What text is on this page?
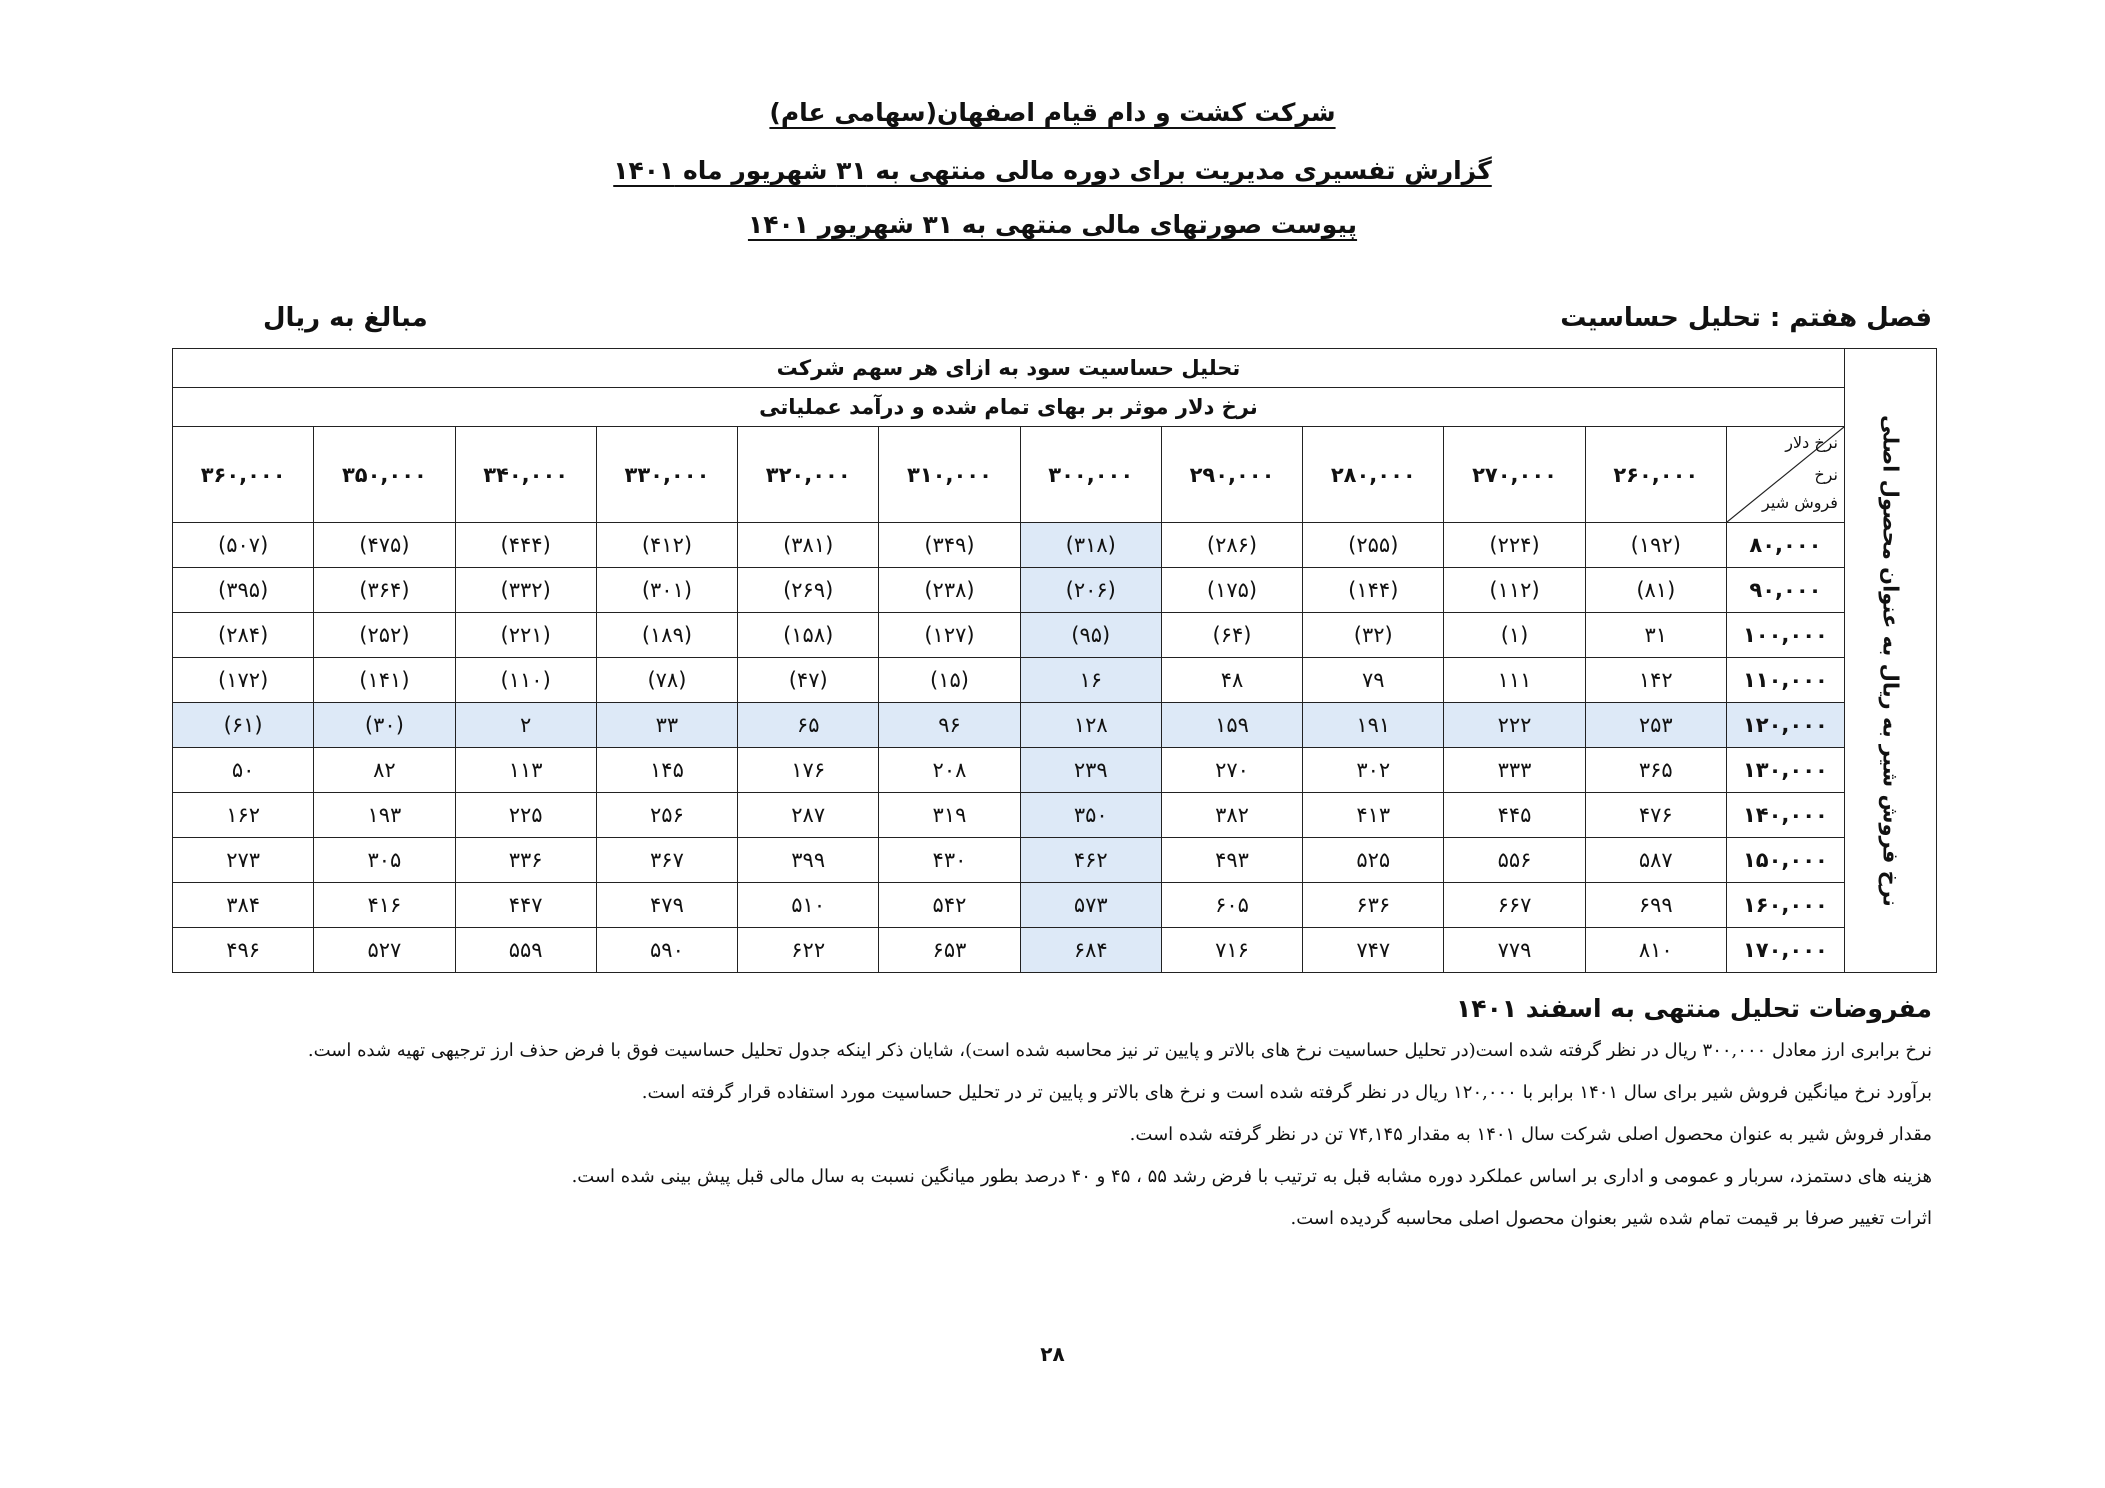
شرکت کشت و دام قیام اصفهان(سهامی عام)
گزارش تفسیری مدیریت برای دوره مالی منتهی به ۳۱ شهریور ماه ۱۴۰۱
پیوست صورتهای مالی منتهی به ۳۱ شهریور ۱۴۰۱
فصل هفتم : تحلیل حساسیت
مبالغ به ریال
نرخ فروش شیر به ریال به عنوان محصول اصلی	تحلیل حساسیت سود به ازای هر سهم شرکت											
	نرخ دلار موثر بر بهای تمام شده و درآمد عملیاتی											

	نرخ دلار
نرخ
فروش شیر	۲۶۰,۰۰۰	۲۷۰,۰۰۰	۲۸۰,۰۰۰	۲۹۰,۰۰۰	۳۰۰,۰۰۰	۳۱۰,۰۰۰	۳۲۰,۰۰۰	۳۳۰,۰۰۰	۳۴۰,۰۰۰	۳۵۰,۰۰۰	۳۶۰,۰۰۰
	۸۰,۰۰۰	(۱۹۲)	(۲۲۴)	(۲۵۵)	(۲۸۶)	(۳۱۸)	(۳۴۹)	(۳۸۱)	(۴۱۲)	(۴۴۴)	(۴۷۵)	(۵۰۷)
	۹۰,۰۰۰	(۸۱)	(۱۱۲)	(۱۴۴)	(۱۷۵)	(۲۰۶)	(۲۳۸)	(۲۶۹)	(۳۰۱)	(۳۳۲)	(۳۶۴)	(۳۹۵)
	۱۰۰,۰۰۰	۳۱	(۱)	(۳۲)	(۶۴)	(۹۵)	(۱۲۷)	(۱۵۸)	(۱۸۹)	(۲۲۱)	(۲۵۲)	(۲۸۴)
	۱۱۰,۰۰۰	۱۴۲	۱۱۱	۷۹	۴۸	۱۶	(۱۵)	(۴۷)	(۷۸)	(۱۱۰)	(۱۴۱)	(۱۷۲)
	۱۲۰,۰۰۰	۲۵۳	۲۲۲	۱۹۱	۱۵۹	۱۲۸	۹۶	۶۵	۳۳	۲	(۳۰)	(۶۱)
	۱۳۰,۰۰۰	۳۶۵	۳۳۳	۳۰۲	۲۷۰	۲۳۹	۲۰۸	۱۷۶	۱۴۵	۱۱۳	۸۲	۵۰
	۱۴۰,۰۰۰	۴۷۶	۴۴۵	۴۱۳	۳۸۲	۳۵۰	۳۱۹	۲۸۷	۲۵۶	۲۲۵	۱۹۳	۱۶۲
	۱۵۰,۰۰۰	۵۸۷	۵۵۶	۵۲۵	۴۹۳	۴۶۲	۴۳۰	۳۹۹	۳۶۷	۳۳۶	۳۰۵	۲۷۳
	۱۶۰,۰۰۰	۶۹۹	۶۶۷	۶۳۶	۶۰۵	۵۷۳	۵۴۲	۵۱۰	۴۷۹	۴۴۷	۴۱۶	۳۸۴
	۱۷۰,۰۰۰	۸۱۰	۷۷۹	۷۴۷	۷۱۶	۶۸۴	۶۵۳	۶۲۲	۵۹۰	۵۵۹	۵۲۷	۴۹۶
مفروضات تحلیل منتهی به اسفند ۱۴۰۱
نرخ برابری ارز معادل ۳۰۰,۰۰۰ ریال در نظر گرفته شده است(در تحلیل حساسیت نرخ های بالاتر و پایین تر نیز محاسبه شده است)، شایان ذکر اینکه جدول تحلیل حساسیت فوق با فرض حذف ارز ترجیهی تهیه شده است.
برآورد نرخ میانگین فروش شیر برای سال ۱۴۰۱ برابر با ۱۲۰,۰۰۰ ریال در نظر گرفته شده است و نرخ های بالاتر و پایین تر در تحلیل حساسیت مورد استفاده قرار گرفته است.
مقدار فروش شیر به عنوان محصول اصلی شرکت سال ۱۴۰۱ به مقدار ۷۴,۱۴۵ تن در نظر گرفته شده است.
هزینه های دستمزد، سربار و عمومی و اداری بر اساس عملکرد دوره مشابه قبل به ترتیب با فرض رشد ۵۵ ، ۴۵ و ۴۰ درصد بطور میانگین نسبت به سال مالی قبل پیش بینی شده است.
اثرات تغییر صرفا بر قیمت تمام شده شیر بعنوان محصول اصلی محاسبه گردیده است.
۲۸
